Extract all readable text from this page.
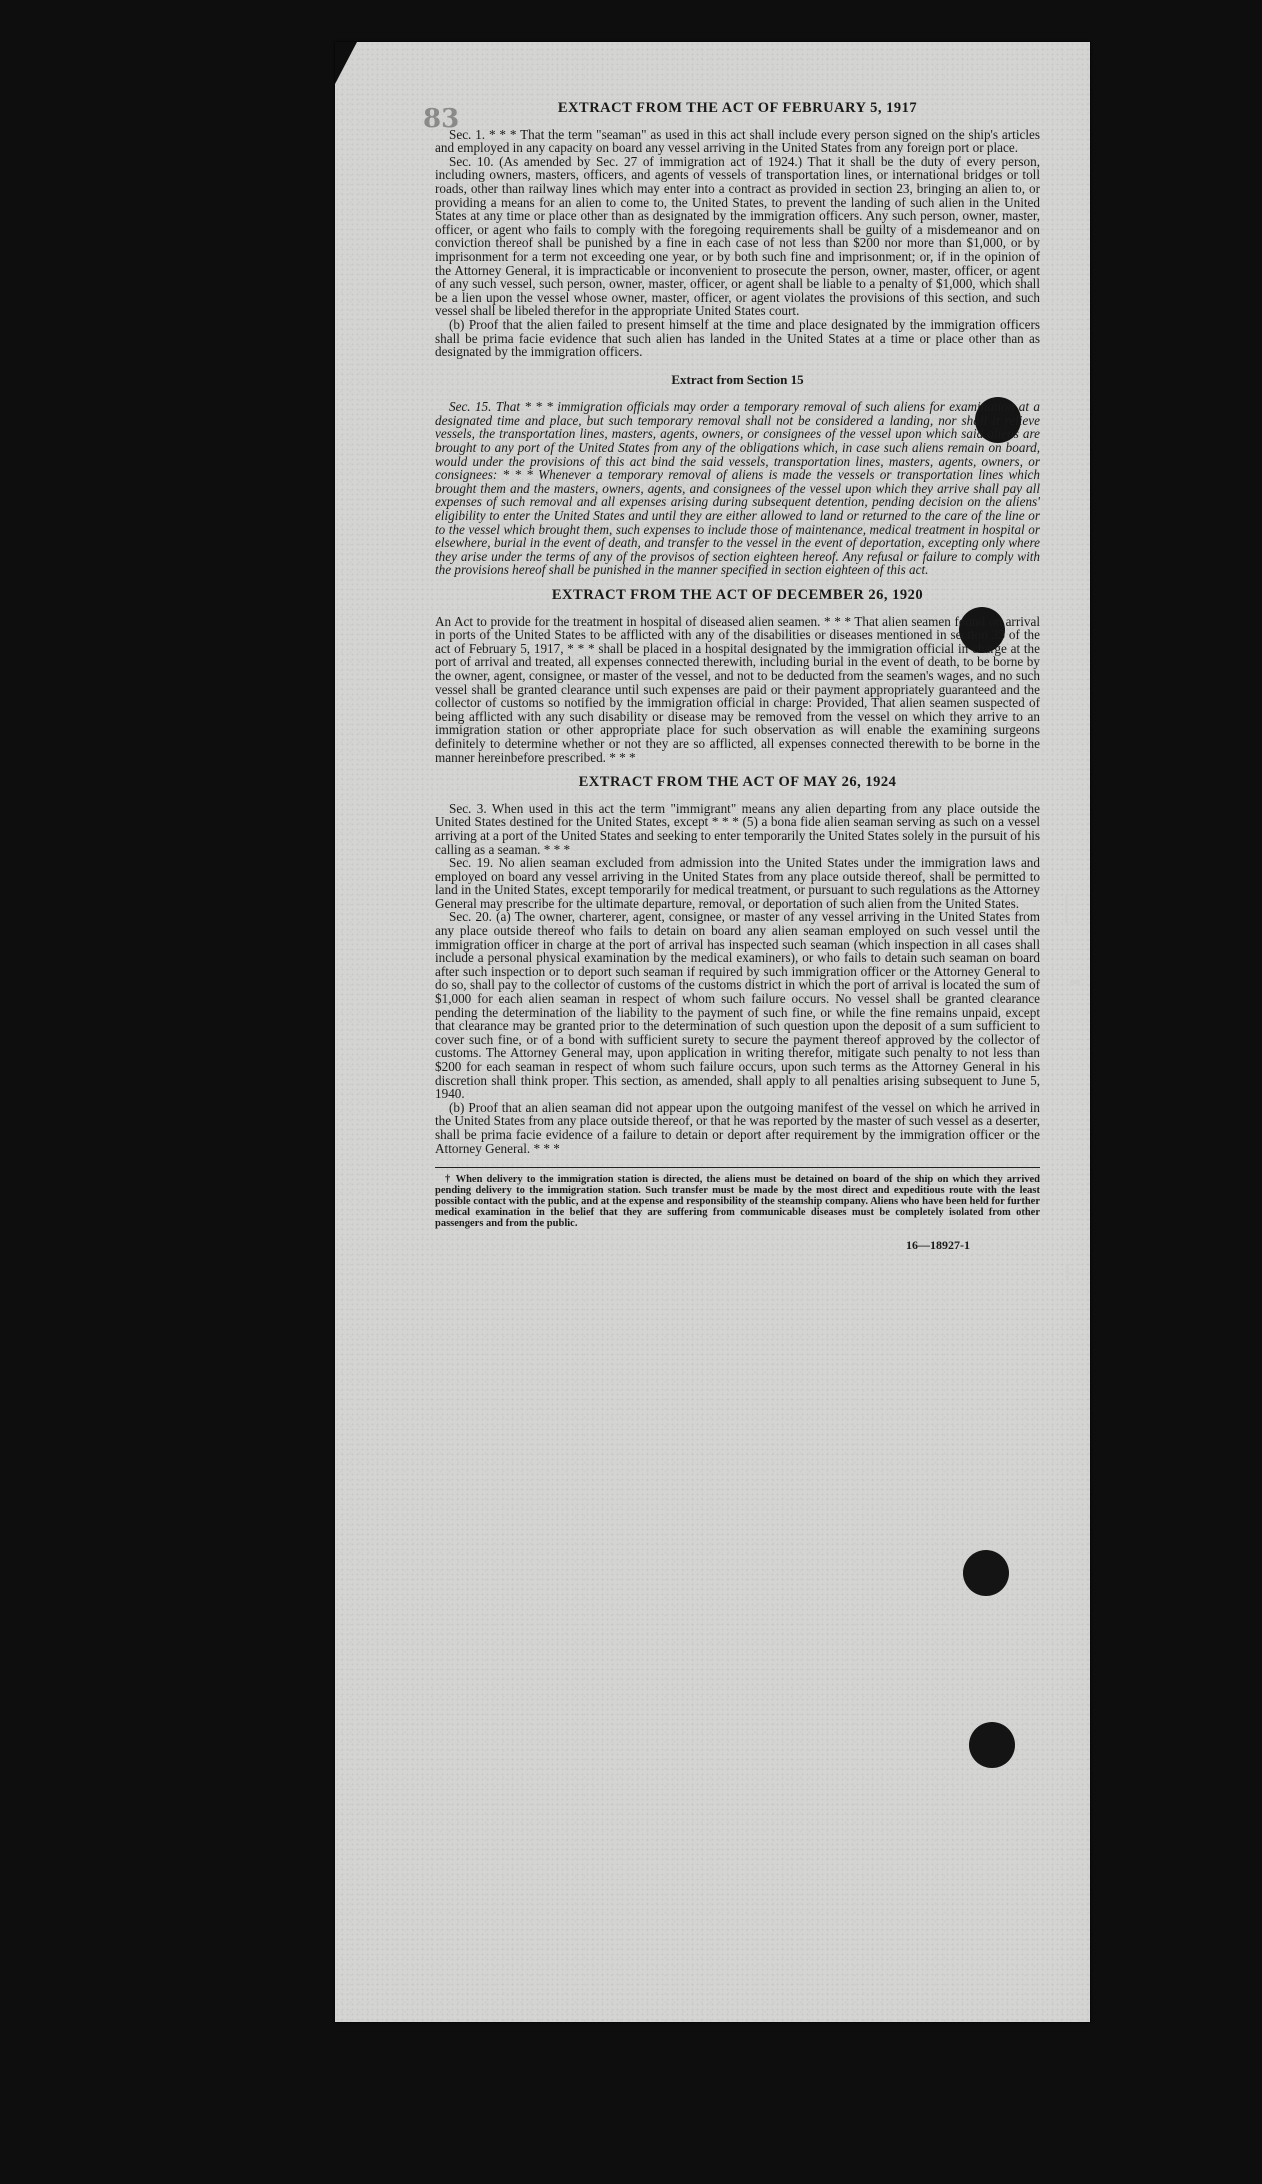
83	EXTRACT FROM THE ACT OF FEBRUARY 5, 1917

Sec. 1. * * * That the term "seaman" as used in this act shall include every person signed on the ship's articles and employed in any capacity on board any vessel arriving in the United States from any foreign port or place.

Sec. 10. (As amended by Sec. 27 of immigration act of 1924.) That it shall be the duty of every person, including owners, masters, officers, and agents of vessels of transportation lines, or international bridges or toll roads, other than railway lines which may enter into a contract as provided in section 23, bringing an alien to, or providing a means for an alien to come to, the United States, to prevent the landing of such alien in the United States at any time or place other than as designated by the immigration officers. Any such person, owner, master, officer, or agent who fails to comply with the foregoing requirements shall be guilty of a misdemeanor and on conviction thereof shall be punished by a fine in each case of not less than $200 nor more than $1,000, or by imprisonment for a term not exceeding one year, or by both such fine and imprisonment; or, if in the opinion of the Attorney General, it is impracticable or inconvenient to prosecute the person, owner, master, officer, or agent of any such vessel, such person, owner, master, officer, or agent shall be liable to a penalty of $1,000, which shall be a lien upon the vessel whose owner, master, officer, or agent violates the provisions of this section, and such vessel shall be libeled therefor in the appropriate United States court.

(b) Proof that the alien failed to present himself at the time and place designated by the immigration officers shall be prima facie evidence that such alien has landed in the United States at a time or place other than as designated by the immigration officers.

Extract from Section 15

Sec. 15. That * * * immigration officials may order a temporary removal of such aliens for examination at a designated time and place, but such temporary removal shall not be considered a landing, nor shall it relieve vessels, the transportation lines, masters, agents, owners, or consignees of the vessel upon which said aliens are brought to any port of the United States from any of the obligations which, in case such aliens remain on board, would under the provisions of this act bind the said vessels, transportation lines, masters, agents, owners, or consignees: * * * Whenever a temporary removal of aliens is made the vessels or transportation lines which brought them and the masters, owners, agents, and consignees of the vessel upon which they arrive shall pay all expenses of such removal and all expenses arising during subsequent detention, pending decision on the aliens' eligibility to enter the United States and until they are either allowed to land or returned to the care of the line or to the vessel which brought them, such expenses to include those of maintenance, medical treatment in hospital or elsewhere, burial in the event of death, and transfer to the vessel in the event of deportation, excepting only where they arise under the terms of any of the provisos of section eighteen hereof. Any refusal or failure to comply with the provisions hereof shall be punished in the manner specified in section eighteen of this act.

EXTRACT FROM THE ACT OF DECEMBER 26, 1920

An Act to provide for the treatment in hospital of diseased alien seamen. * * * That alien seamen found on arrival in ports of the United States to be afflicted with any of the disabilities or diseases mentioned in section 35 of the act of February 5, 1917, * * * shall be placed in a hospital designated by the immigration official in charge at the port of arrival and treated, all expenses connected therewith, including burial in the event of death, to be borne by the owner, agent, consignee, or master of the vessel, and not to be deducted from the seamen's wages, and no such vessel shall be granted clearance until such expenses are paid or their payment appropriately guaranteed and the collector of customs so notified by the immigration official in charge: Provided, That alien seamen suspected of being afflicted with any such disability or disease may be removed from the vessel on which they arrive to an immigration station or other appropriate place for such observation as will enable the examining surgeons definitely to determine whether or not they are so afflicted, all expenses connected therewith to be borne in the manner hereinbefore prescribed. * * *

EXTRACT FROM THE ACT OF MAY 26, 1924

Sec. 3. When used in this act the term "immigrant" means any alien departing from any place outside the United States destined for the United States, except * * * (5) a bona fide alien seaman serving as such on a vessel arriving at a port of the United States and seeking to enter temporarily the United States solely in the pursuit of his calling as a seaman. * * *

Sec. 19. No alien seaman excluded from admission into the United States under the immigration laws and employed on board any vessel arriving in the United States from any place outside thereof, shall be permitted to land in the United States, except temporarily for medical treatment, or pursuant to such regulations as the Attorney General may prescribe for the ultimate departure, removal, or deportation of such alien from the United States.

Sec. 20. (a) The owner, charterer, agent, consignee, or master of any vessel arriving in the United States from any place outside thereof who fails to detain on board any alien seaman employed on such vessel until the immigration officer in charge at the port of arrival has inspected such seaman (which inspection in all cases shall include a personal physical examination by the medical examiners), or who fails to detain such seaman on board after such inspection or to deport such seaman if required by such immigration officer or the Attorney General to do so, shall pay to the collector of customs of the customs district in which the port of arrival is located the sum of $1,000 for each alien seaman in respect of whom such failure occurs. No vessel shall be granted clearance pending the determination of the liability to the payment of such fine, or while the fine remains unpaid, except that clearance may be granted prior to the determination of such question upon the deposit of a sum sufficient to cover such fine, or of a bond with sufficient surety to secure the payment thereof approved by the collector of customs. The Attorney General may, upon application in writing therefor, mitigate such penalty to not less than $200 for each seaman in respect of whom such failure occurs, upon such terms as the Attorney General in his discretion shall think proper. This section, as amended, shall apply to all penalties arising subsequent to June 5, 1940.

(b) Proof that an alien seaman did not appear upon the outgoing manifest of the vessel on which he arrived in the United States from any place outside thereof, or that he was reported by the master of such vessel as a deserter, shall be prima facie evidence of a failure to detain or deport after requirement by the immigration officer or the Attorney General. * * *

† When delivery to the immigration station is directed, the aliens must be detained on board of the ship on which they arrived pending delivery to the immigration station. Such transfer must be made by the most direct and expeditious route with the least possible contact with the public, and at the expense and responsibility of the steamship company. Aliens who have been held for further medical examination in the belief that they are suffering from communicable diseases must be completely isolated from other passengers and from the public.

16—18927-1
